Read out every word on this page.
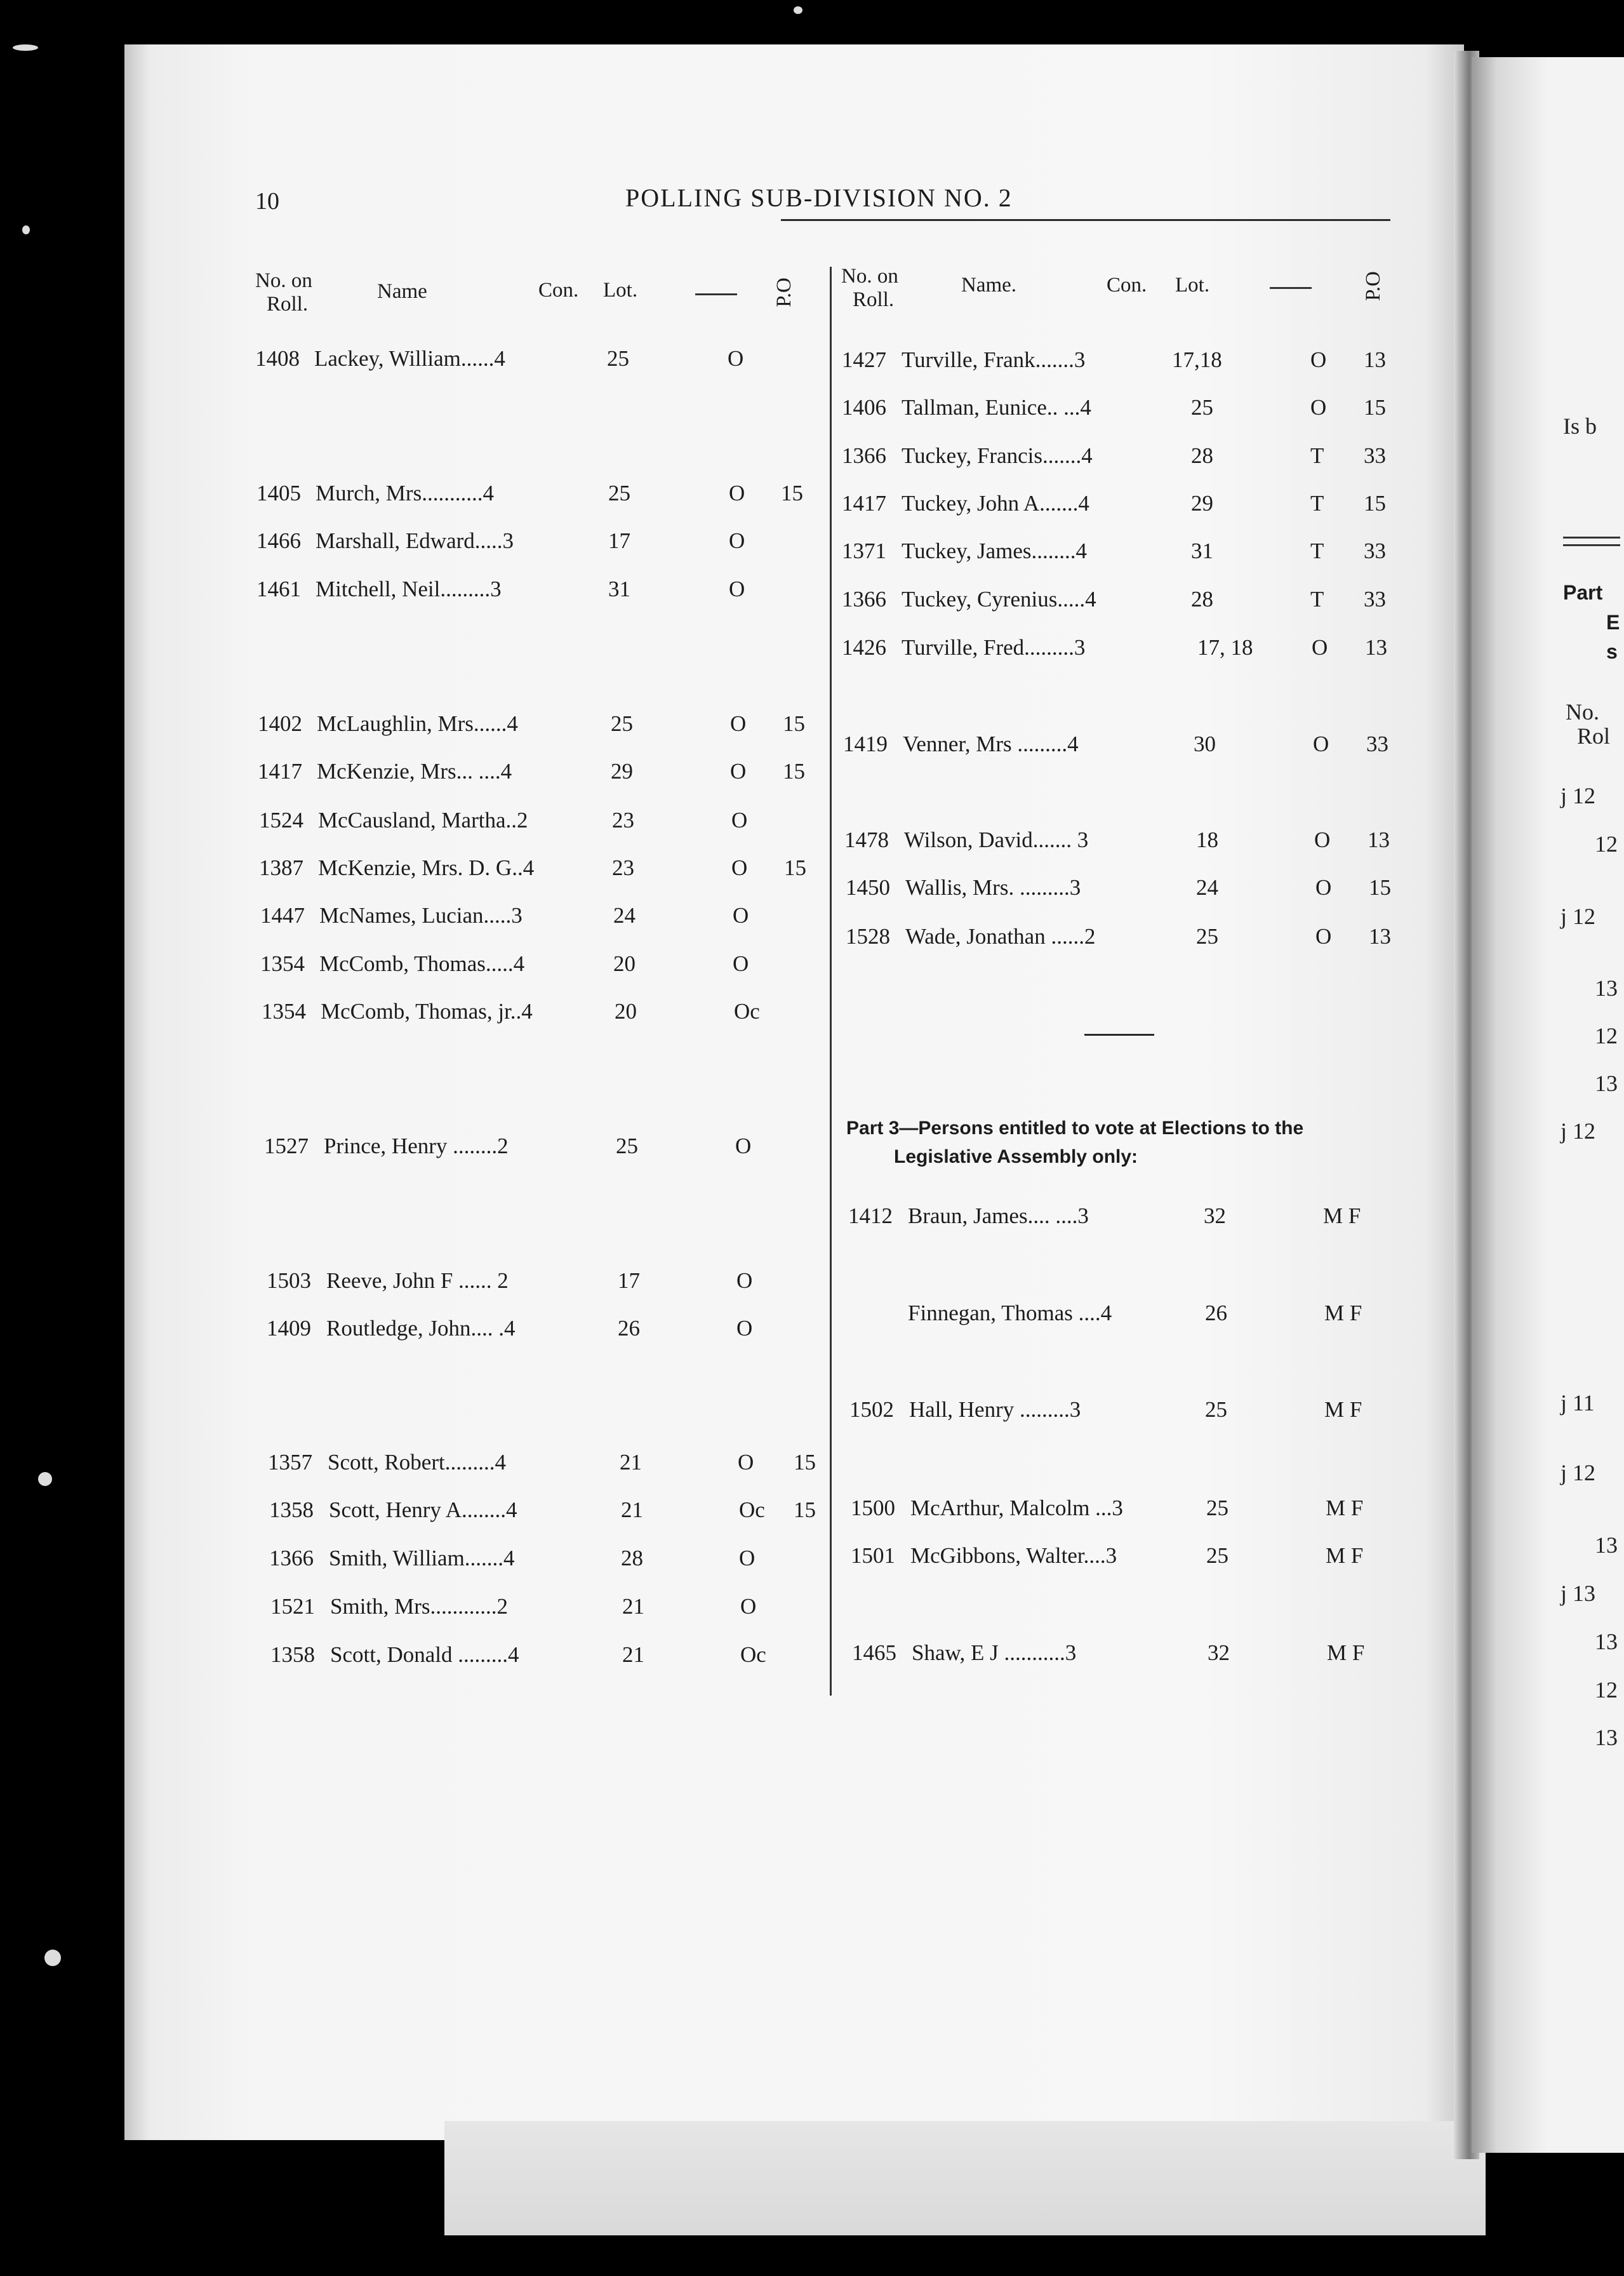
10	POLLING SUB-DIVISION NO. 2
No. on
Roll.
Name	Con. Lot.	P.O
No. on
Roll.
Name.	Con. Lot.	P.O
1408 Lackey, William......4	25	O
1405 Murch, Mrs...........4	25	O 15
1466 Marshall, Edward.....3	17	O
1461 Mitchell, Neil.........3	31	O
1402 McLaughlin, Mrs......4	25	O 15
1417 McKenzie, Mrs... ....4	29	O 15
1524 McCausland, Martha..2	23	O
1387 McKenzie, Mrs. D. G..4	23	O 15
1447 McNames, Lucian.....3	24	O
1354 McComb, Thomas.....4	20	O
1354 McComb, Thomas, jr..4	20	Oc
1527 Prince, Henry ........2	25	O
1503 Reeve, John F ...... 2	17	O
1409 Routledge, John.... .4	26	O
1357 Scott, Robert.........4	21	O 15
1358 Scott, Henry A........4	21	Oc 15
1366 Smith, William.......4	28	O
1521 Smith, Mrs............2	21	O
1358 Scott, Donald .........4	21	Oc
1427 Turville, Frank.......3	17,18	O 13
1406 Tallman, Eunice.. ...4	25	O 15
1366 Tuckey, Francis.......4	28	T 33
1417 Tuckey, John A.......4	29	T 15
1371 Tuckey, James........4	31	T 33
1366 Tuckey, Cyrenius.....4	28	T 33
1426 Turville, Fred.........3	17, 18	O 13
1419 Venner, Mrs .........4	30	O 33
1478 Wilson, David....... 3	18	O 13
1450 Wallis, Mrs. .........3	24	O 15
1528 Wade, Jonathan ......2	25	O 13
Part 3—Persons entitled to vote at Elections to the
Legislative Assembly only:
1412 Braun, James.... ....3	32	M F
Finnegan, Thomas ....4	26	M F
1502 Hall, Henry .........3	25	M F
1500 McArthur, Malcolm ...3	25	M F
1501 McGibbons, Walter....3	25	M F
1465 Shaw, E J ...........3	32	M F
Is b
Part
E
s
No.
Rol
j 12
12
j 12
13
12
13
j 12
j 11
j 12
13
j 13
13
12
13
